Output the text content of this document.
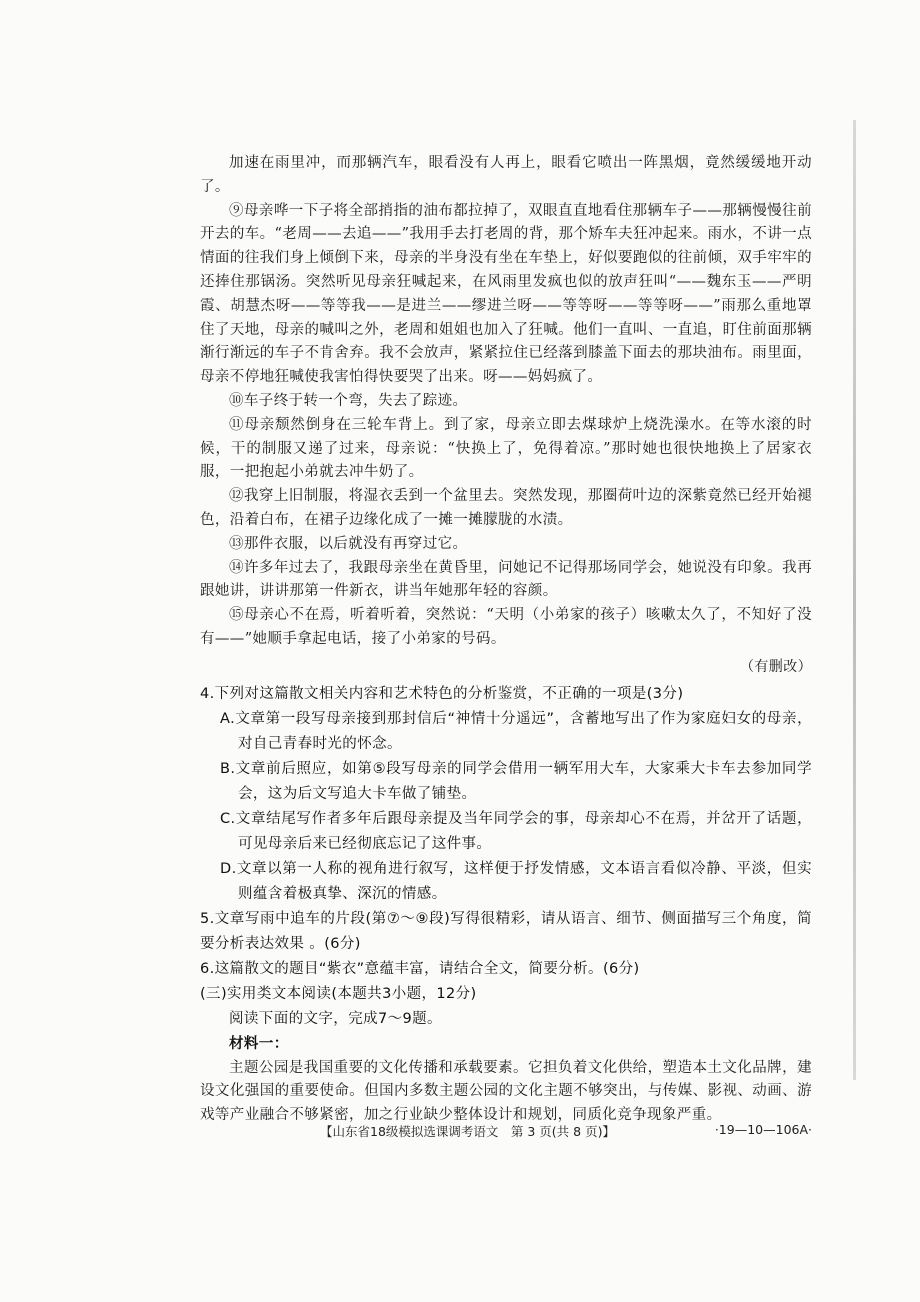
加速在雨里冲，而那辆汽车，眼看没有人再上，眼看它喷出一阵黑烟，竟然缓缓地开动了。

⑨母亲哗一下子将全部捎指的油布都拉掉了，双眼直直地看住那辆车子——那辆慢慢往前开去的车。“老周——去追——”我用手去打老周的背，那个矫车夫狂冲起来。雨水，不讲一点情面的往我们身上倾倒下来，母亲的半身没有坐在车垫上，好似要跑似的往前倾，双手牢牢的还捧住那锅汤。突然听见母亲狂喊起来，在风雨里发疯也似的放声狂叫“——魏东玉——严明霞、胡慧杰呀——等等我——是进兰——缪进兰呀——等等呀——等等呀——”雨那么重地罩住了天地，母亲的喊叫之外，老周和姐姐也加入了狂喊。他们一直叫、一直追，盯住前面那辆渐行渐远的车子不肯舍弃。我不会放声，紧紧拉住已经落到膝盖下面去的那块油布。雨里面，母亲不停地狂喊使我害怕得快要哭了出来。呀——妈妈疯了。

⑩车子终于转一个弯，失去了踪迹。

⑪母亲颓然倒身在三轮车背上。到了家，母亲立即去煤球炉上烧洗澡水。在等水滚的时候，干的制服又递了过来，母亲说：“快换上了，免得着凉。”那时她也很快地换上了居家衣服，一把抱起小弟就去冲牛奶了。

⑫我穿上旧制服，将湿衣丢到一个盆里去。突然发现，那圈荷叶边的深紫竟然已经开始褪色，沿着白布，在裙子边缘化成了一摊一摊朦胧的水渍。

⑬那件衣服，以后就没有再穿过它。

⑭许多年过去了，我跟母亲坐在黄昏里，问她记不记得那场同学会，她说没有印象。我再跟她讲，讲讲那第一件新衣，讲当年她那年轻的容颜。

⑮母亲心不在焉，听着听着，突然说：“天明（小弟家的孩子）咳嗽太久了，不知好了没有——”她顺手拿起电话，接了小弟家的号码。

（有删改）

4.下列对这篇散文相关内容和艺术特色的分析鉴赏，不正确的一项是(3分)

A.文章第一段写母亲接到那封信后“神情十分遥远”，含蓄地写出了作为家庭妇女的母亲，对自己青春时光的怀念。

B.文章前后照应，如第⑤段写母亲的同学会借用一辆军用大车，大家乘大卡车去参加同学会，这为后文写追大卡车做了铺垫。

C.文章结尾写作者多年后跟母亲提及当年同学会的事，母亲却心不在焉，并岔开了话题，可见母亲后来已经彻底忘记了这件事。

D.文章以第一人称的视角进行叙写，这样便于抒发情感，文本语言看似冷静、平淡，但实则蕴含着极真挚、深沉的情感。

5.文章写雨中追车的片段(第⑦～⑨段)写得很精彩，请从语言、细节、侧面描写三个角度，简要分析表达效果 。(6分)

6.这篇散文的题目“紫衣”意蕴丰富，请结合全文，简要分析。(6分)

(三)实用类文本阅读(本题共3小题，12分)

阅读下面的文字，完成7～9题。

材料一：

主题公园是我国重要的文化传播和承载要素。它担负着文化供给，塑造本土文化品牌，建设文化强国的重要使命。但国内多数主题公园的文化主题不够突出，与传媒、影视、动画、游戏等产业融合不够紧密，加之行业缺少整体设计和规划，同质化竞争现象严重。

【山东省18级模拟选课调考语文　第 3 页(共 8 页)】	·19—10—106A·
